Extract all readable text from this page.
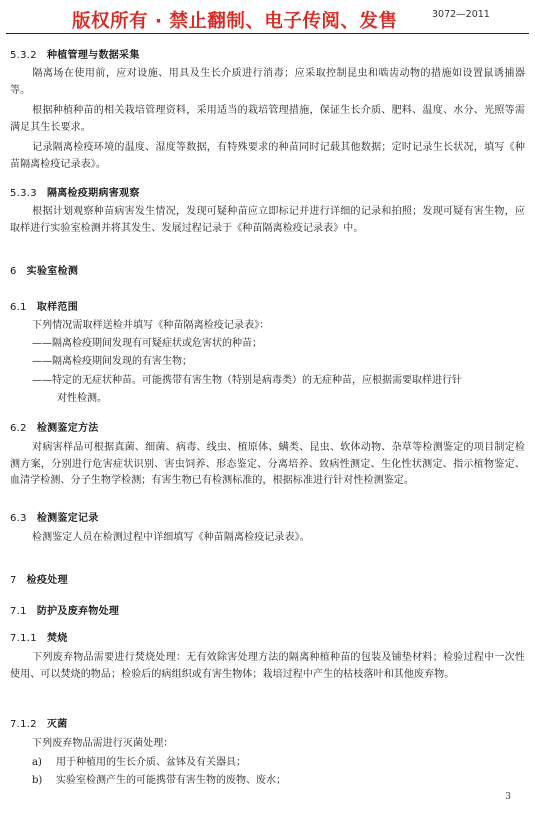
版权所有 · 禁止翻制、电子传阅、发售	3072—2011
5.3.2 种植管理与数据采集
隔离场在使用前，应对设施、用具及生长介质进行消毒；应采取控制昆虫和啮齿动物的措施如设置鼠诱捕器等。
根据种植种苗的相关栽培管理资料，采用适当的栽培管理措施，保证生长介质、肥料、温度、水分、光照等需满足其生长要求。
记录隔离检疫环境的温度、湿度等数据，有特殊要求的种苗同时记载其他数据；定时记录生长状况，填写《种苗隔离检疫记录表》。
5.3.3 隔离检疫期病害观察
根据计划观察种苗病害发生情况，发现可疑种苗应立即标记并进行详细的记录和拍照；发现可疑有害生物，应取样进行实验室检测并将其发生、发展过程记录于《种苗隔离检疫记录表》中。
6 实验室检测
6.1 取样范围
下列情况需取样送检并填写《种苗隔离检疫记录表》：
——隔离检疫期间发现有可疑症状或危害状的种苗；
——隔离检疫期间发现的有害生物；
——特定的无症状种苗。可能携带有害生物（特别是病毒类）的无症种苗，应根据需要取样进行针
对性检测。
6.2 检测鉴定方法
对病害样品可根据真菌、细菌、病毒、线虫、植原体、螨类、昆虫、软体动物、杂草等检测鉴定的项目制定检测方案，分别进行危害症状识别、害虫饲养、形态鉴定、分离培养、致病性测定、生化性状测定、指示植物鉴定、血清学检测、分子生物学检测；有害生物已有检测标准的，根据标准进行针对性检测鉴定。
6.3 检测鉴定记录
检测鉴定人员在检测过程中详细填写《种苗隔离检疫记录表》。
7 检疫处理
7.1 防护及废弃物处理
7.1.1 焚烧
下列废弃物品需要进行焚烧处理：无有效除害处理方法的隔离种植种苗的包装及铺垫材料；检验过程中一次性使用、可以焚烧的物品；检验后的病组织或有害生物体；栽培过程中产生的枯枝落叶和其他废弃物。
7.1.2 灭菌
下列废弃物品需进行灭菌处理：
a) 用于种植用的生长介质、盆钵及有关器具；
b) 实验室检测产生的可能携带有害生物的废物、废水；
3
